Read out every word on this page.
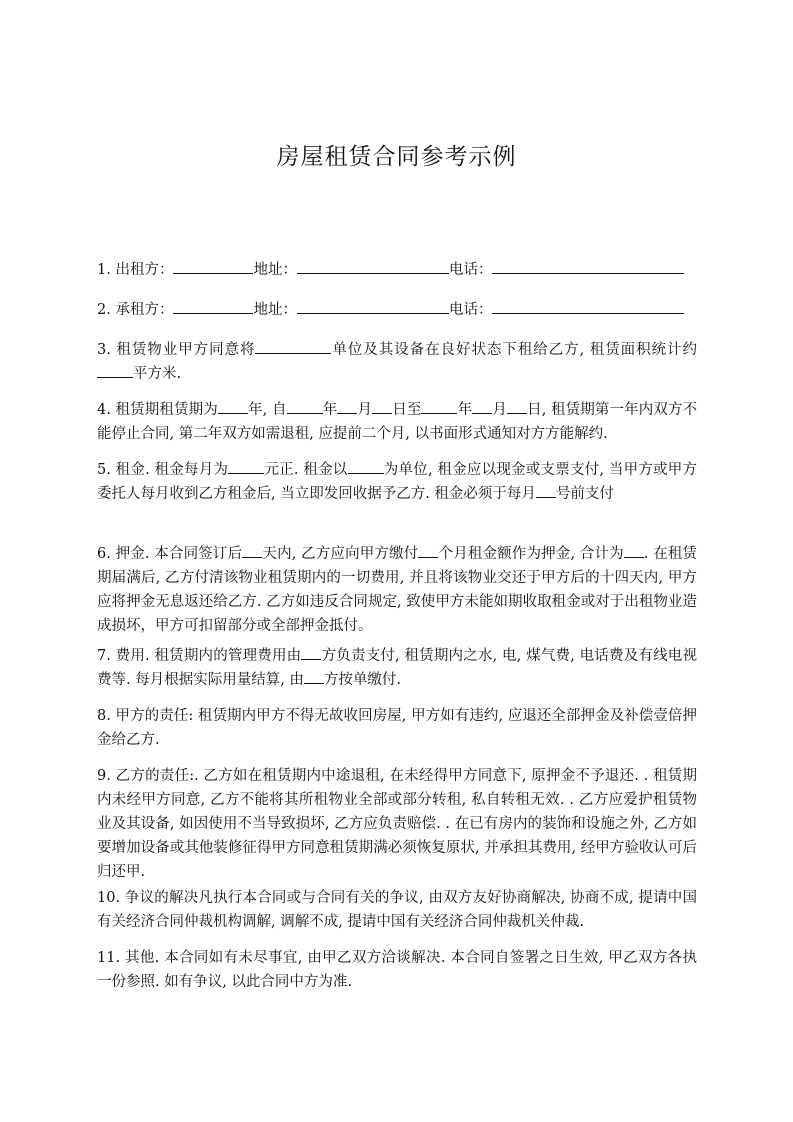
房屋租赁合同参考示例
1. 出租方：	地址：	电话：
2. 承租方：	地址：	电话：
3. 租赁物业甲方同意将	单位及其设备在良好状态下租给乙方, 租赁面积统计约平方米.
4. 租赁期租赁期为 年, 自 年 月 日至 年 月 日, 租赁期第一年内双方不能停止合同, 第二年双方如需退租, 应提前二个月, 以书面形式通知对方方能解约.
5. 租金. 租金每月为 元正. 租金以 为单位, 租金应以现金或支票支付, 当甲方或甲方委托人每月收到乙方租金后, 当立即发回收据予乙方. 租金必须于每月 号前支付
6. 押金. 本合同签订后 天内, 乙方应向甲方缴付 个月租金额作为押金, 合计为 . 在租赁期届满后, 乙方付清该物业租赁期内的一切费用, 并且将该物业交还于甲方后的十四天内, 甲方应将押金无息返还给乙方. 乙方如违反合同规定, 致使甲方未能如期收取租金或对于出租物业造成损坏，甲方可扣留部分或全部押金抵付。
7. 费用. 租赁期内的管理费用由 方负责支付, 租赁期内之水, 电, 煤气费, 电话费及有线电视费等. 每月根据实际用量结算, 由 方按单缴付.
8. 甲方的责任: 租赁期内甲方不得无故收回房屋, 甲方如有违约, 应退还全部押金及补偿壹倍押金给乙方.
9. 乙方的责任:. 乙方如在租赁期内中途退租, 在未经得甲方同意下, 原押金不予退还. . 租赁期内未经甲方同意, 乙方不能将其所租物业全部或部分转租, 私自转租无效. . 乙方应爱护租赁物业及其设备, 如因使用不当导致损坏, 乙方应负责赔偿. . 在已有房内的装饰和设施之外, 乙方如要增加设备或其他装修征得甲方同意租赁期满必须恢复原状, 并承担其费用, 经甲方验收认可后归还甲.
10. 争议的解决凡执行本合同或与合同有关的争议, 由双方友好协商解决, 协商不成, 提请中国有关经济合同仲裁机构调解, 调解不成, 提请中国有关经济合同仲裁机关仲裁.
11. 其他. 本合同如有未尽事宜, 由甲乙双方洽谈解决. 本合同自签署之日生效, 甲乙双方各执一份参照. 如有争议, 以此合同中方为准.
